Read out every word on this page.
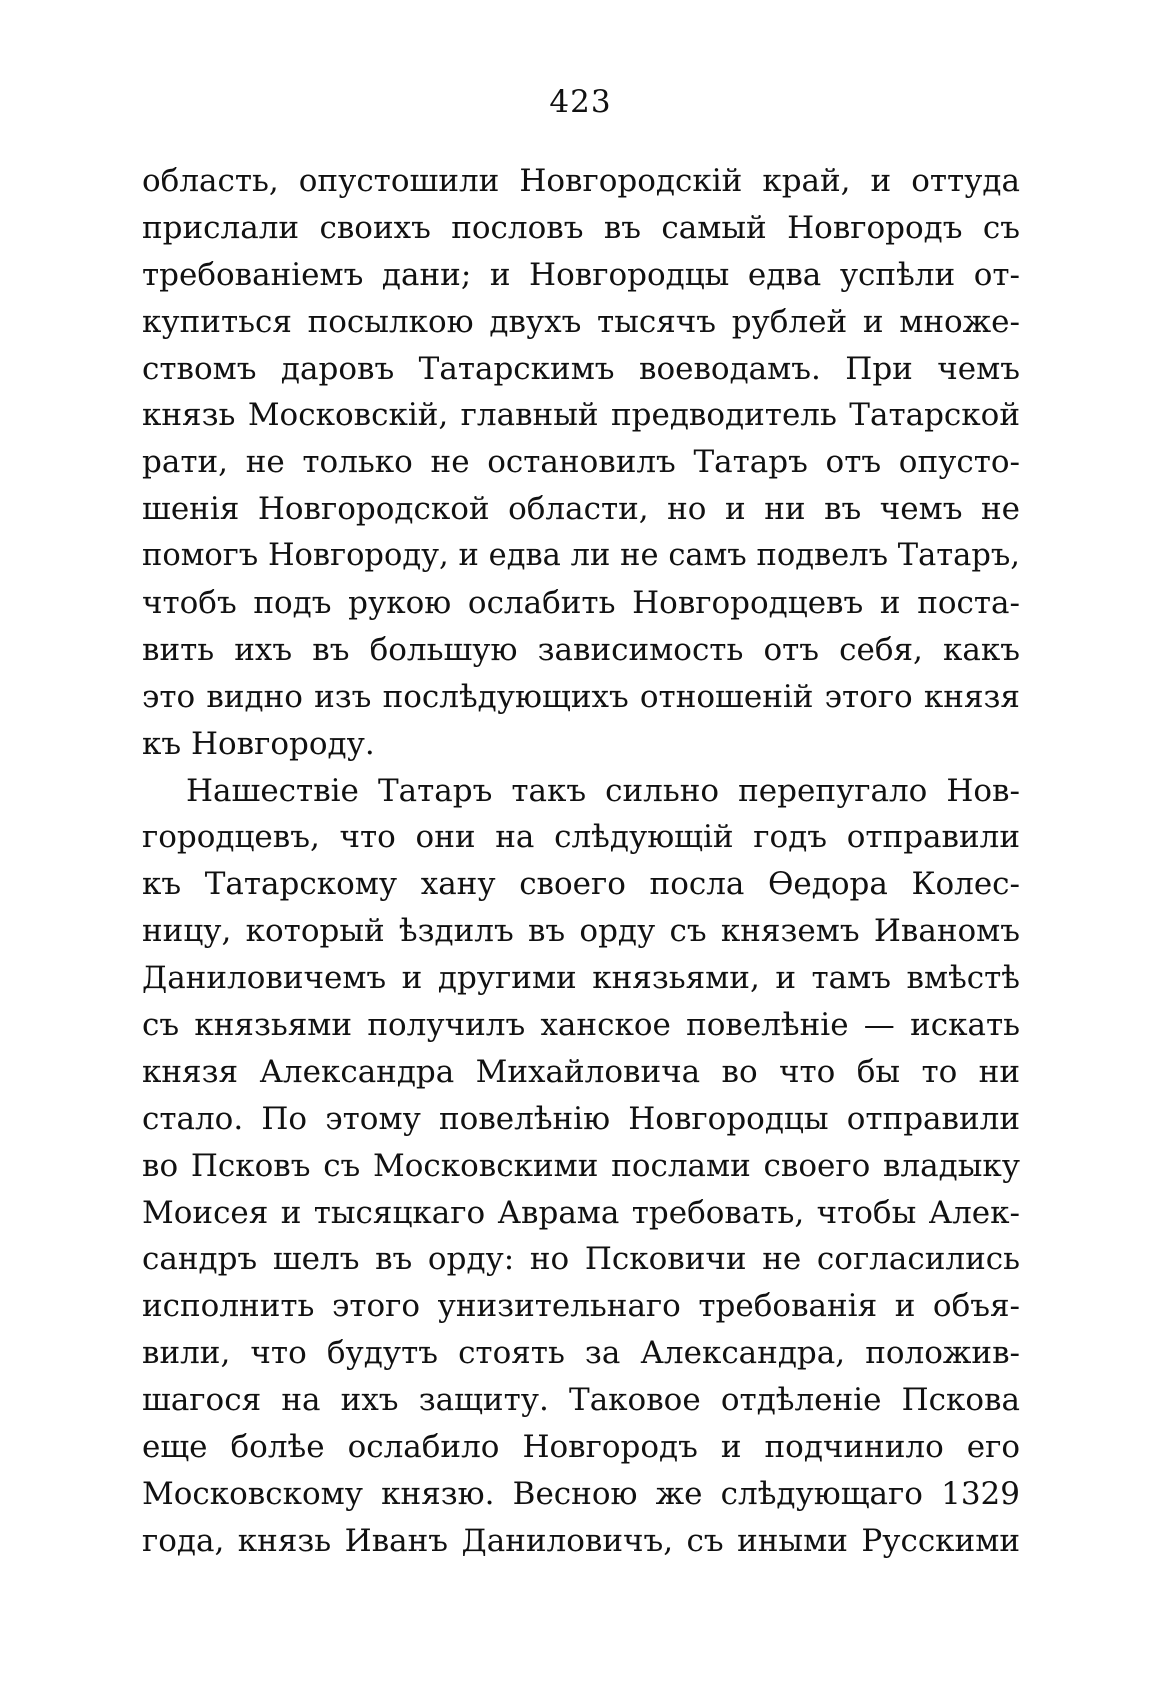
423
область, опустошили Новгородскій край, и оттуда
прислали своихъ пословъ въ самый Новгородъ съ
требованіемъ дани; и Новгородцы едва успѣли от-
купиться посылкою двухъ тысячъ рублей и множе-
ствомъ даровъ Татарскимъ воеводамъ. При чемъ
князь Московскій, главный предводитель Татарской
рати, не только не остановилъ Татаръ отъ опусто-
шенія Новгородской области, но и ни въ чемъ не
помогъ Новгороду, и едва ли не самъ подвелъ Татаръ,
чтобъ подъ рукою ослабить Новгородцевъ и поста-
вить ихъ въ большую зависимость отъ себя, какъ
это видно изъ послѣдующихъ отношеній этого князя
къ Новгороду.
Нашествіе Татаръ такъ сильно перепугало Нов-
городцевъ, что они на слѣдующій годъ отправили
къ Татарскому хану своего посла Ѳедора Колес-
ницу, который ѣздилъ въ орду съ княземъ Иваномъ
Даниловичемъ и другими князьями, и тамъ вмѣстѣ
съ князьями получилъ ханское повелѣніе — искать
князя Александра Михайловича во что бы то ни
стало. По этому повелѣнію Новгородцы отправили
во Псковъ съ Московскими послами своего владыку
Моисея и тысяцкаго Аврама требовать, чтобы Алек-
сандръ шелъ въ орду: но Псковичи не согласились
исполнить этого унизительнаго требованія и объя-
вили, что будутъ стоять за Александра, положив-
шагося на ихъ защиту. Таковое отдѣленіе Пскова
еще болѣе ослабило Новгородъ и подчинило его
Московскому князю. Весною же слѣдующаго 1329
года, князь Иванъ Даниловичъ, съ иными Русскими
